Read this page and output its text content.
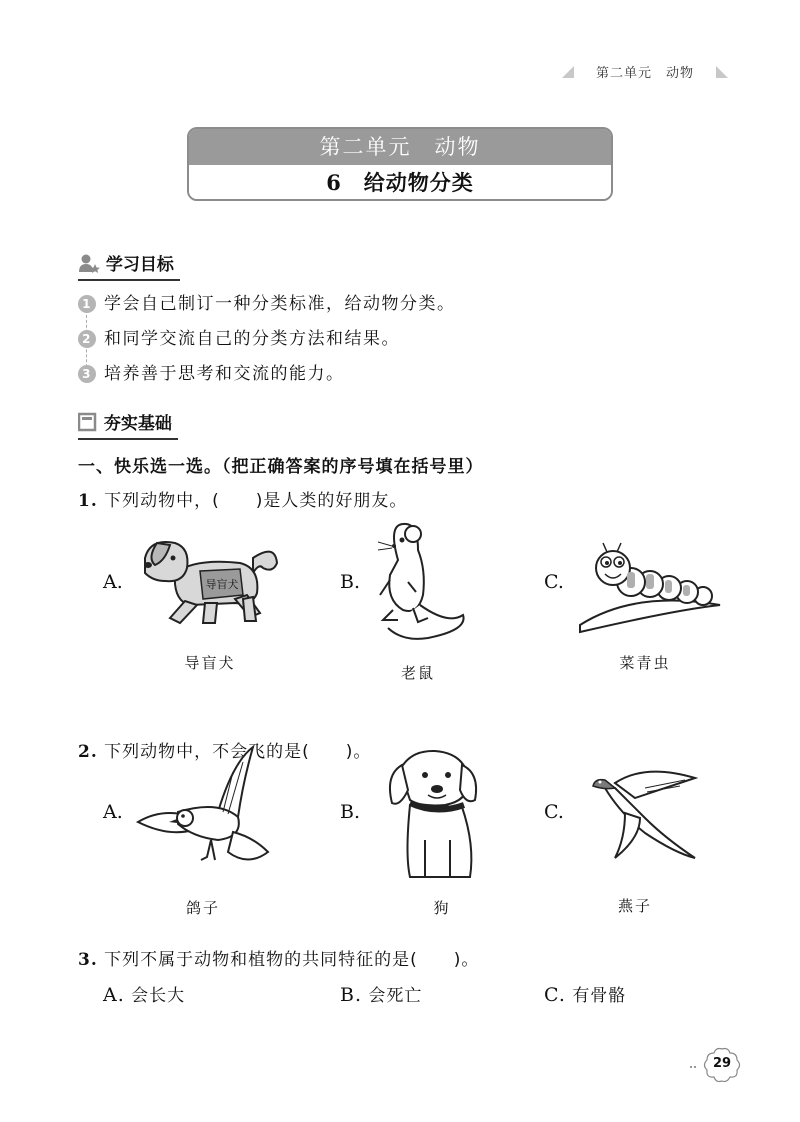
第二单元　动物
第二单元　动物
6　给动物分类
学习目标
1 学会自己制订一种分类标准，给动物分类。
2 和同学交流自己的分类方法和结果。
3 培养善于思考和交流的能力。
夯实基础
一、快乐选一选。（把正确答案的序号填在括号里）
1. 下列动物中，(　　)是人类的好朋友。
A.	B.	C.
导盲犬
导盲犬
老鼠
菜青虫
2. 下列动物中，不会飞的是(　　)。
A.	B.	C.
鸽子	狗	燕子
3. 下列不属于动物和植物的共同特征的是(　　)。
A. 会长大	B. 会死亡	C. 有骨骼
29
